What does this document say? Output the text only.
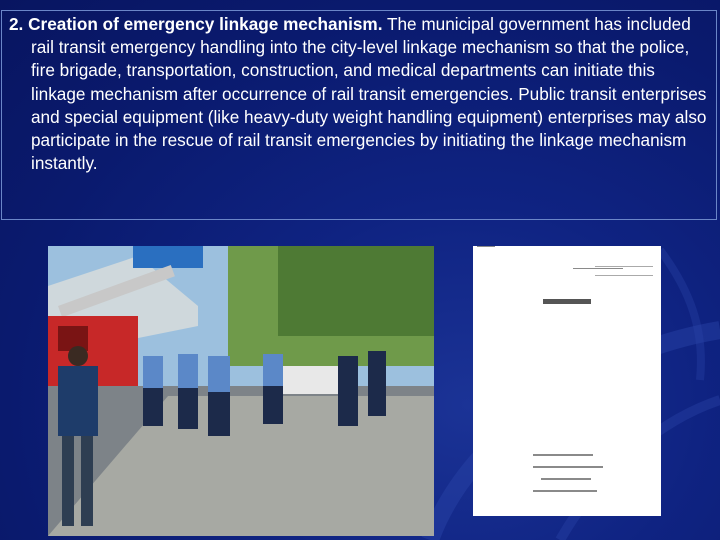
2. Creation of emergency linkage mechanism. The municipal government has included rail transit emergency handling into the city-level linkage mechanism so that the police, fire brigade, transportation, construction, and medical departments can initiate this linkage mechanism after occurrence of rail transit emergencies. Public transit enterprises and special equipment (like heavy-duty weight handling equipment) enterprises may also participate in the rescue of rail transit emergencies by initiating the linkage mechanism instantly.
